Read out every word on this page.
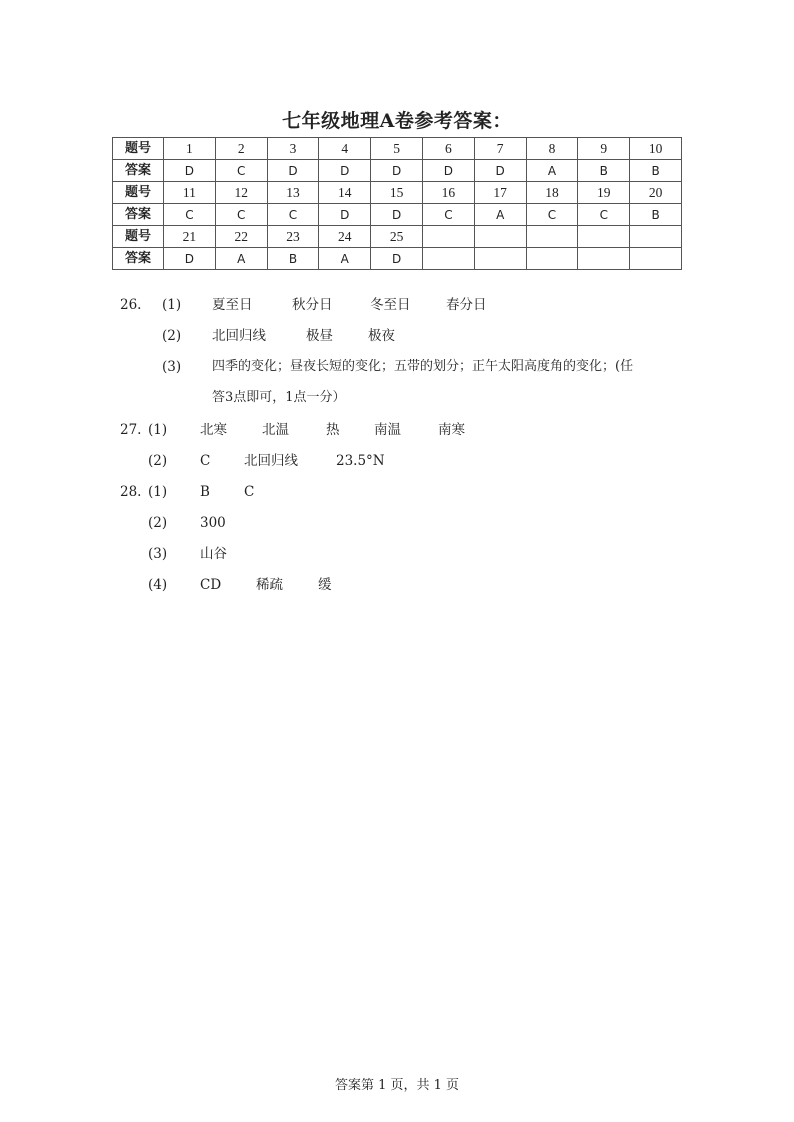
七年级地理A卷参考答案：
题号	1	2	3	4	5	6	7	8	9	10
答案	D	C	D	D	D	D	D	A	B	B
题号	11	12	13	14	15	16	17	18	19	20
答案	C	C	C	D	D	C	A	C	C	B
题号	21	22	23	24	25					
答案	D	A	B	A	D					
26. (1) 夏至日	秋分日	冬至日	春分日
(2) 北回归线	极昼	极夜
(3) 四季的变化；昼夜长短的变化；五带的划分；正午太阳高度角的变化；(任
答3点即可，1点一分）
27. (1) 北寒	北温	热	南温	南寒
(2) C 北回归线	23.5°N
28. (1) B	C
(2) 300
(3) 山谷
(4) CD	稀疏	缓
答案第 1 页，共 1 页
